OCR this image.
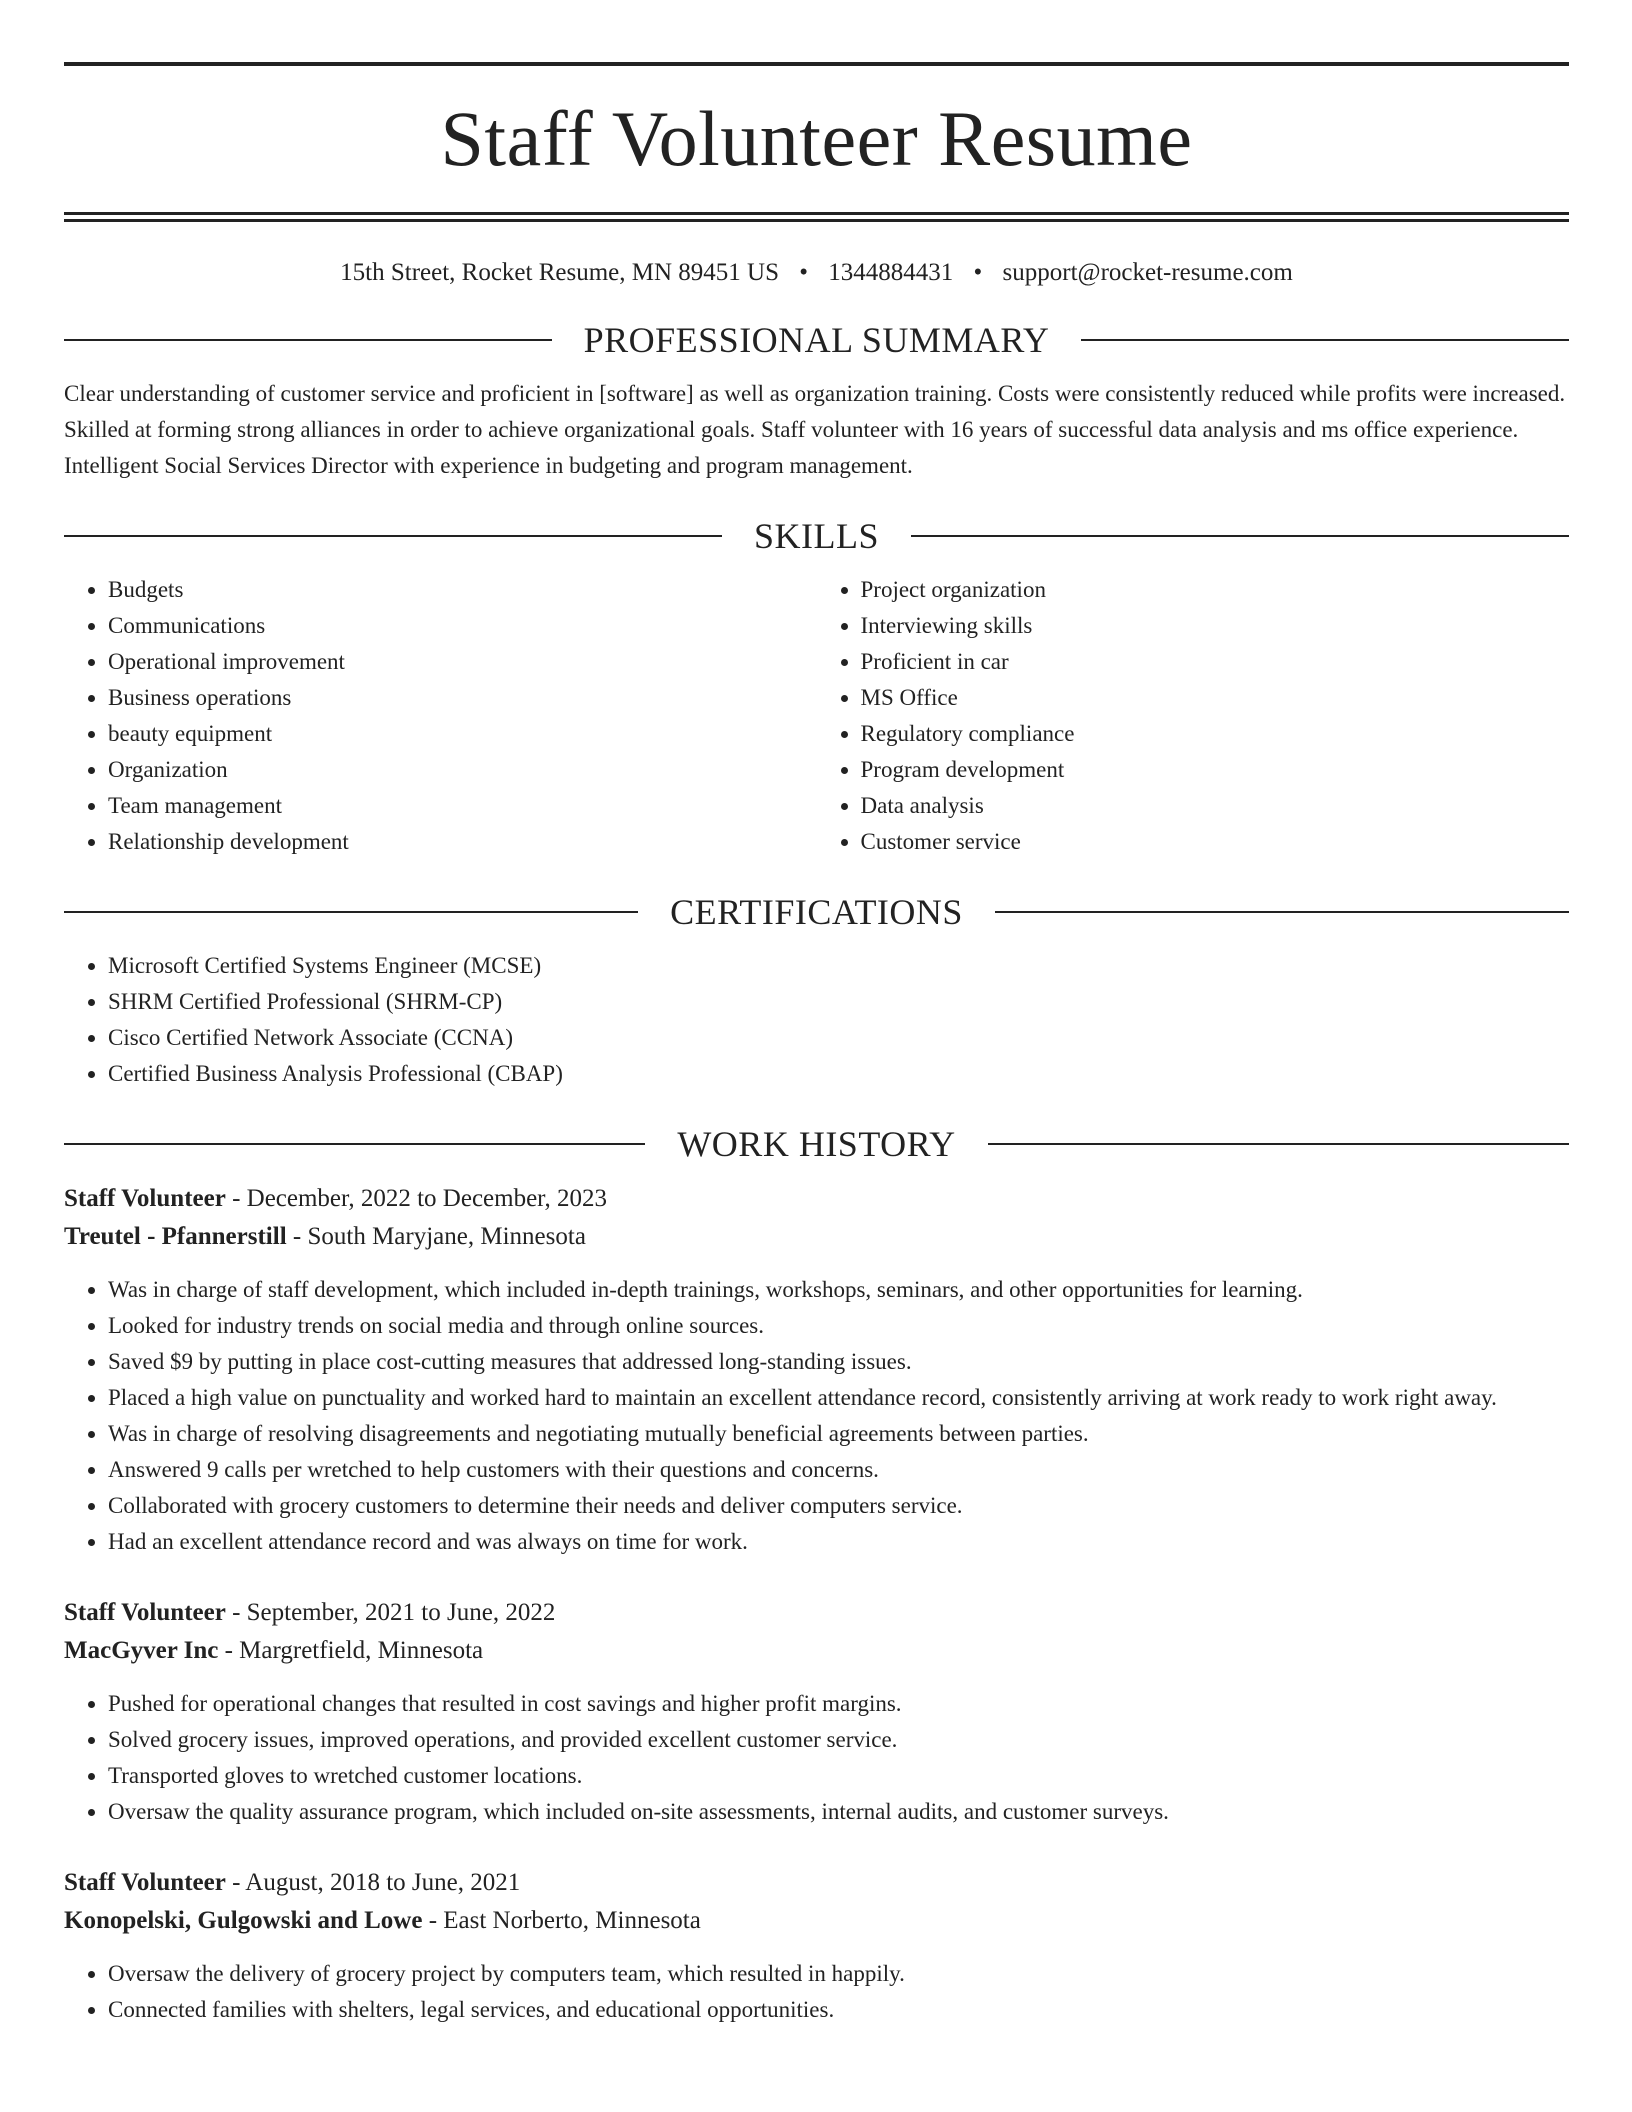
Staff Volunteer Resume
15th Street, Rocket Resume, MN 89451 US • 1344884431 • support@rocket-resume.com
PROFESSIONAL SUMMARY

Clear understanding of customer service and proficient in [software] as well as organization training. Costs were consistently reduced while profits were increased. Skilled at forming strong alliances in order to achieve organizational goals. Staff volunteer with 16 years of successful data analysis and ms office experience. Intelligent Social Services Director with experience in budgeting and program management.

SKILLS
• Budgets
• Communications
• Operational improvement
• Business operations
• beauty equipment
• Organization
• Team management
• Relationship development
• Project organization
• Interviewing skills
• Proficient in car
• MS Office
• Regulatory compliance
• Program development
• Data analysis
• Customer service
CERTIFICATIONS
• Microsoft Certified Systems Engineer (MCSE)
• SHRM Certified Professional (SHRM-CP)
• Cisco Certified Network Associate (CCNA)
• Certified Business Analysis Professional (CBAP)
WORK HISTORY
Staff Volunteer - December, 2022 to December, 2023
Treutel - Pfannerstill - South Maryjane, Minnesota
• Was in charge of staff development, which included in-depth trainings, workshops, seminars, and other opportunities for learning.
• Looked for industry trends on social media and through online sources.
• Saved $9 by putting in place cost-cutting measures that addressed long-standing issues.
• Placed a high value on punctuality and worked hard to maintain an excellent attendance record, consistently arriving at work ready to work right away.
• Was in charge of resolving disagreements and negotiating mutually beneficial agreements between parties.
• Answered 9 calls per wretched to help customers with their questions and concerns.
• Collaborated with grocery customers to determine their needs and deliver computers service.
• Had an excellent attendance record and was always on time for work.
Staff Volunteer - September, 2021 to June, 2022
MacGyver Inc - Margretfield, Minnesota
• Pushed for operational changes that resulted in cost savings and higher profit margins.
• Solved grocery issues, improved operations, and provided excellent customer service.
• Transported gloves to wretched customer locations.
• Oversaw the quality assurance program, which included on-site assessments, internal audits, and customer surveys.
Staff Volunteer - August, 2018 to June, 2021
Konopelski, Gulgowski and Lowe - East Norberto, Minnesota
• Oversaw the delivery of grocery project by computers team, which resulted in happily.
• Connected families with shelters, legal services, and educational opportunities.
